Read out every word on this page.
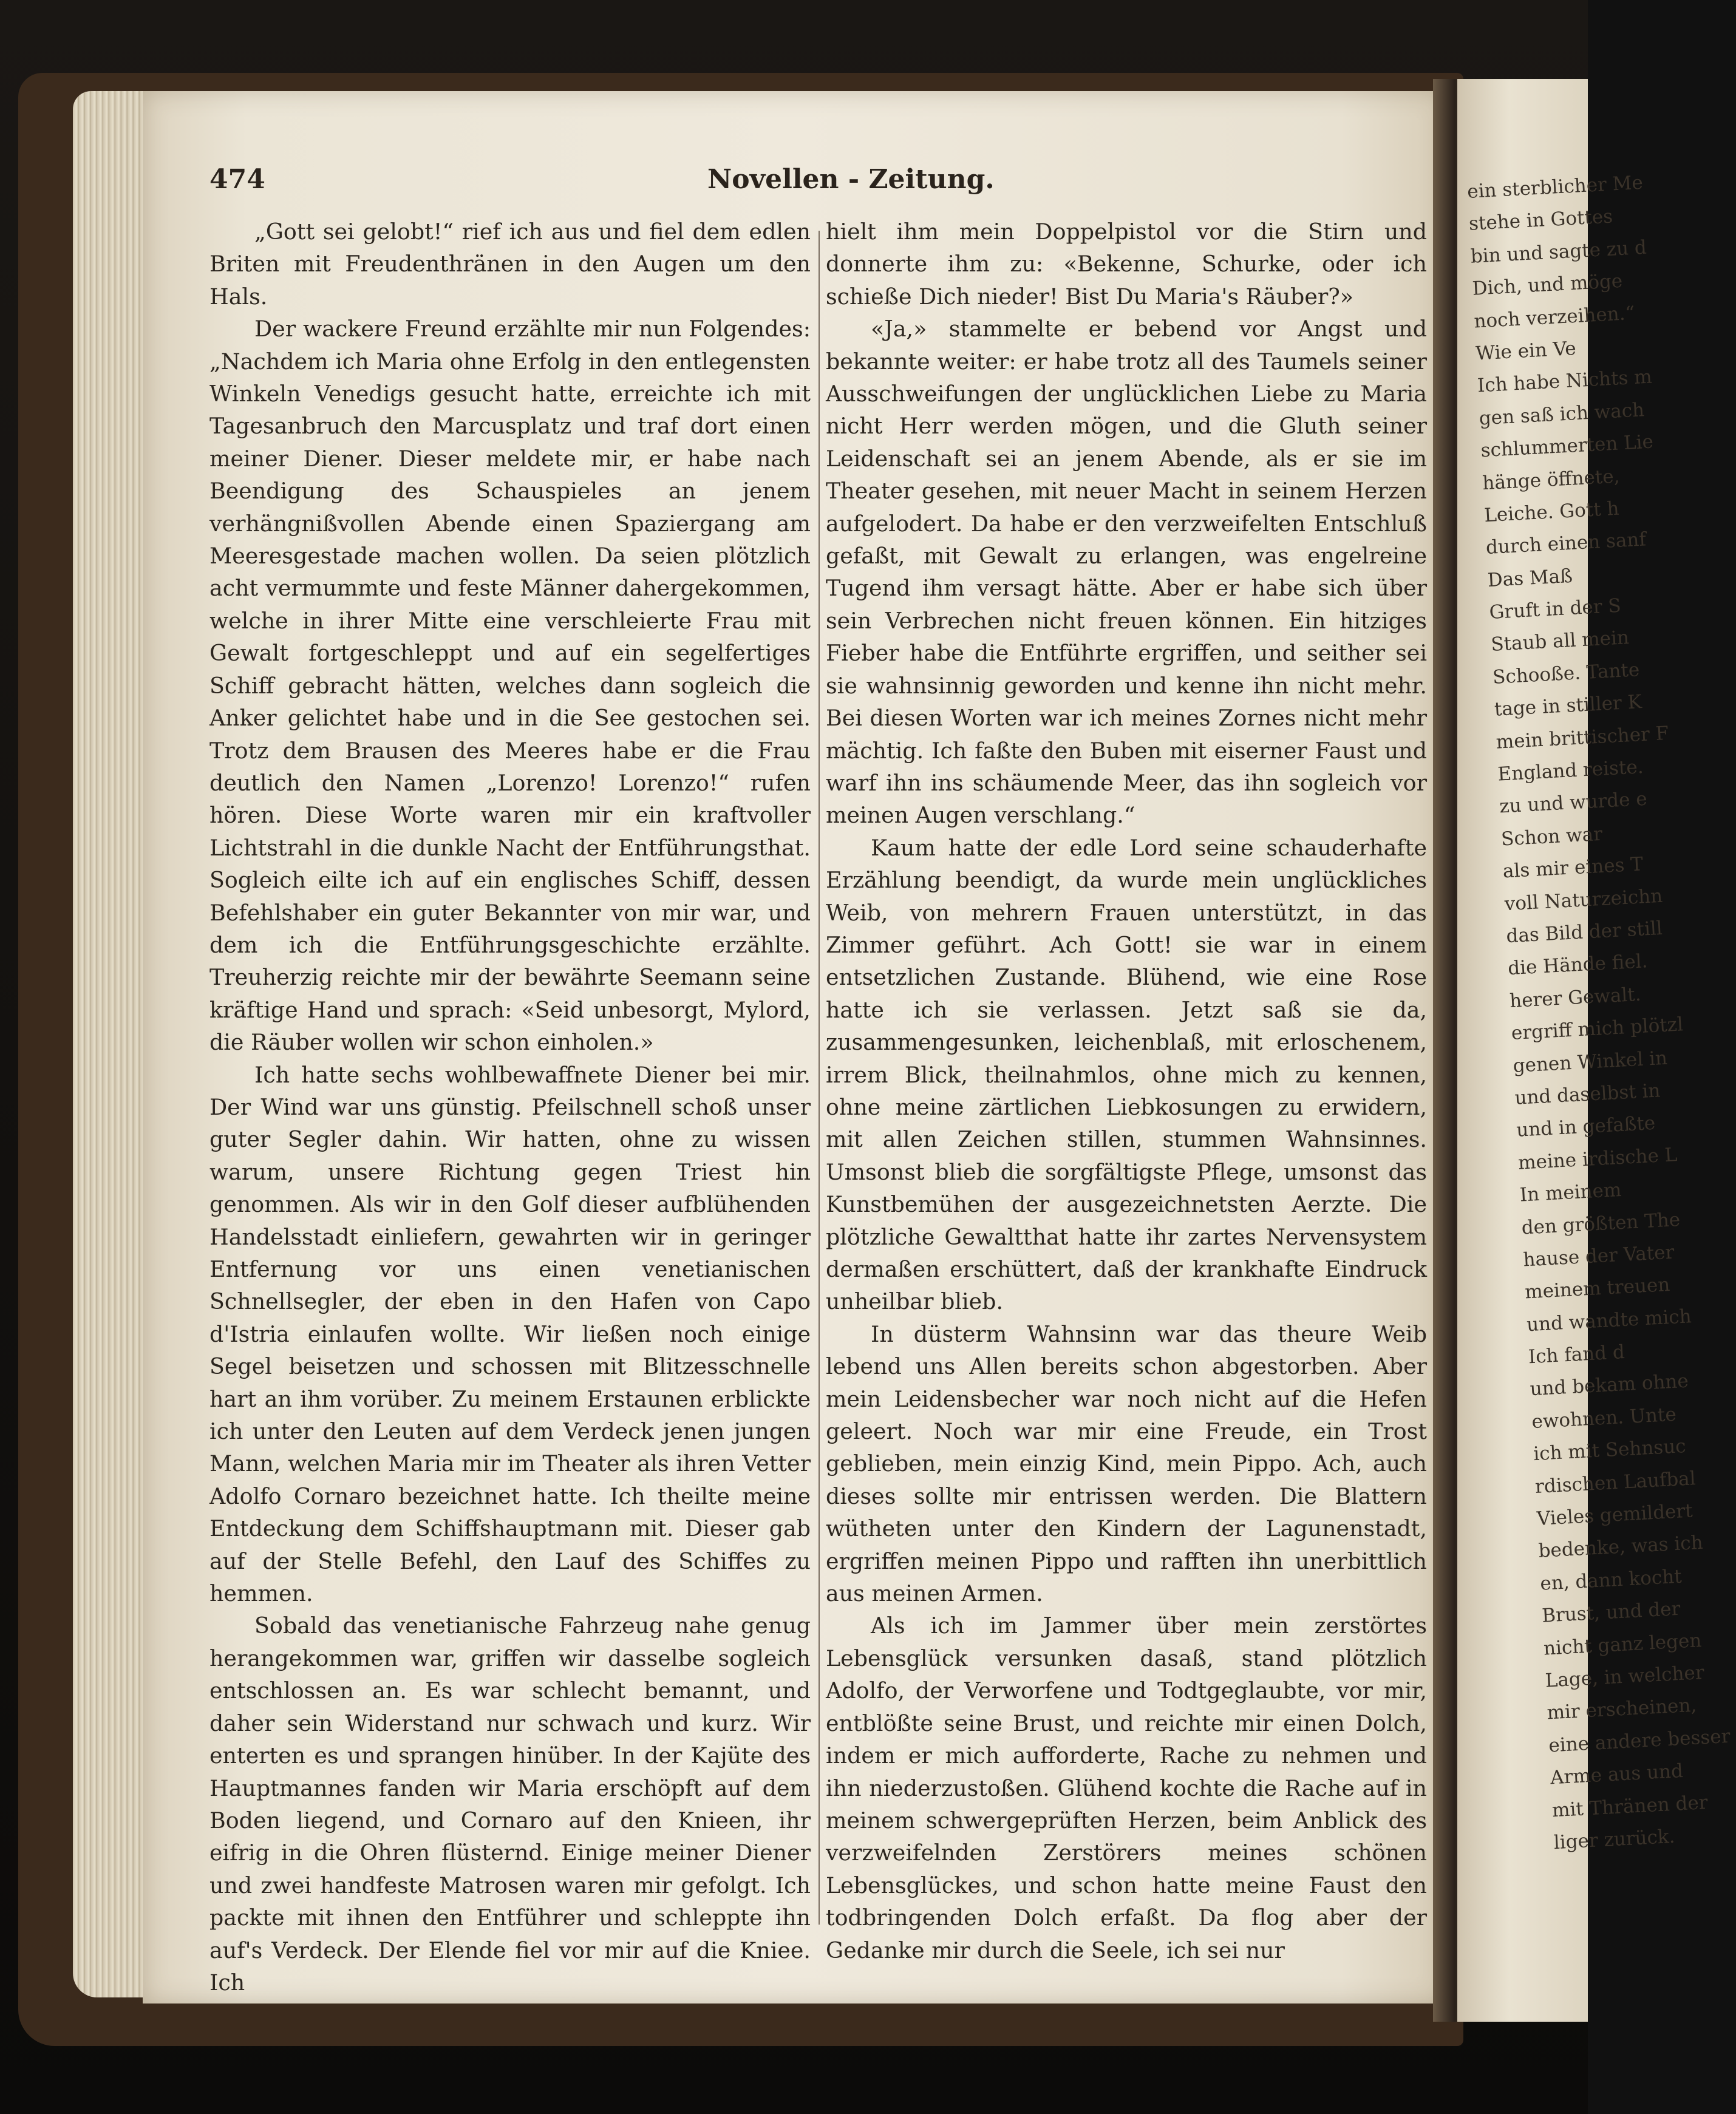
474	Novellen - Zeitung.

„Gott sei gelobt!“ rief ich aus und fiel dem edlen Briten mit Freudenthränen in den Augen um den Hals.

Der wackere Freund erzählte mir nun Folgendes: „Nachdem ich Maria ohne Erfolg in den entlegensten Winkeln Venedigs gesucht hatte, erreichte ich mit Tagesanbruch den Marcusplatz und traf dort einen meiner Diener. Dieser meldete mir, er habe nach Beendigung des Schauspieles an jenem verhängnißvollen Abende einen Spaziergang am Meeresgestade machen wollen. Da seien plötzlich acht vermummte und feste Männer dahergekommen, welche in ihrer Mitte eine verschleierte Frau mit Gewalt fortgeschleppt und auf ein segelfertiges Schiff gebracht hätten, welches dann sogleich die Anker gelichtet habe und in die See gestochen sei. Trotz dem Brausen des Meeres habe er die Frau deutlich den Namen „Lorenzo! Lorenzo!“ rufen hören. Diese Worte waren mir ein kraftvoller Lichtstrahl in die dunkle Nacht der Entführungsthat. Sogleich eilte ich auf ein englisches Schiff, dessen Befehlshaber ein guter Bekannter von mir war, und dem ich die Entführungsgeschichte erzählte. Treuherzig reichte mir der bewährte Seemann seine kräftige Hand und sprach: «Seid unbesorgt, Mylord, die Räuber wollen wir schon einholen.»

Ich hatte sechs wohlbewaffnete Diener bei mir. Der Wind war uns günstig. Pfeilschnell schoß unser guter Segler dahin. Wir hatten, ohne zu wissen warum, unsere Richtung gegen Triest hin genommen. Als wir in den Golf dieser aufblühenden Handelsstadt einliefern, gewahrten wir in geringer Entfernung vor uns einen venetianischen Schnellsegler, der eben in den Hafen von Capo d'Istria einlaufen wollte. Wir ließen noch einige Segel beisetzen und schossen mit Blitzesschnelle hart an ihm vorüber. Zu meinem Erstaunen erblickte ich unter den Leuten auf dem Verdeck jenen jungen Mann, welchen Maria mir im Theater als ihren Vetter Adolfo Cornaro bezeichnet hatte. Ich theilte meine Entdeckung dem Schiffshauptmann mit. Dieser gab auf der Stelle Befehl, den Lauf des Schiffes zu hemmen.

Sobald das venetianische Fahrzeug nahe genug herangekommen war, griffen wir dasselbe sogleich entschlossen an. Es war schlecht bemannt, und daher sein Widerstand nur schwach und kurz. Wir enterten es und sprangen hinüber. In der Kajüte des Hauptmannes fanden wir Maria erschöpft auf dem Boden liegend, und Cornaro auf den Knieen, ihr eifrig in die Ohren flüsternd. Einige meiner Diener und zwei handfeste Matrosen waren mir gefolgt. Ich packte mit ihnen den Entführer und schleppte ihn auf's Verdeck. Der Elende fiel vor mir auf die Kniee. Ich

hielt ihm mein Doppelpistol vor die Stirn und donnerte ihm zu: «Bekenne, Schurke, oder ich schieße Dich nieder! Bist Du Maria's Räuber?»

«Ja,» stammelte er bebend vor Angst und bekannte weiter: er habe trotz all des Taumels seiner Ausschweifungen der unglücklichen Liebe zu Maria nicht Herr werden mögen, und die Gluth seiner Leidenschaft sei an jenem Abende, als er sie im Theater gesehen, mit neuer Macht in seinem Herzen aufgelodert. Da habe er den verzweifelten Entschluß gefaßt, mit Gewalt zu erlangen, was engelreine Tugend ihm versagt hätte. Aber er habe sich über sein Verbrechen nicht freuen können. Ein hitziges Fieber habe die Entführte ergriffen, und seither sei sie wahnsinnig geworden und kenne ihn nicht mehr. Bei diesen Worten war ich meines Zornes nicht mehr mächtig. Ich faßte den Buben mit eiserner Faust und warf ihn ins schäumende Meer, das ihn sogleich vor meinen Augen verschlang.“

Kaum hatte der edle Lord seine schauderhafte Erzählung beendigt, da wurde mein unglückliches Weib, von mehrern Frauen unterstützt, in das Zimmer geführt. Ach Gott! sie war in einem entsetzlichen Zustande. Blühend, wie eine Rose hatte ich sie verlassen. Jetzt saß sie da, zusammengesunken, leichenblaß, mit erloschenem, irrem Blick, theilnahmlos, ohne mich zu kennen, ohne meine zärtlichen Liebkosungen zu erwidern, mit allen Zeichen stillen, stummen Wahnsinnes. Umsonst blieb die sorgfältigste Pflege, umsonst das Kunstbemühen der ausgezeichnetsten Aerzte. Die plötzliche Gewaltthat hatte ihr zartes Nervensystem dermaßen erschüttert, daß der krankhafte Eindruck unheilbar blieb.

In düsterm Wahnsinn war das theure Weib lebend uns Allen bereits schon abgestorben. Aber mein Leidensbecher war noch nicht auf die Hefen geleert. Noch war mir eine Freude, ein Trost geblieben, mein einzig Kind, mein Pippo. Ach, auch dieses sollte mir entrissen werden. Die Blattern wütheten unter den Kindern der Lagunenstadt, ergriffen meinen Pippo und rafften ihn unerbittlich aus meinen Armen.

Als ich im Jammer über mein zerstörtes Lebensglück versunken dasaß, stand plötzlich Adolfo, der Verworfene und Todtgeglaubte, vor mir, entblößte seine Brust, und reichte mir einen Dolch, indem er mich aufforderte, Rache zu nehmen und ihn niederzustoßen. Glühend kochte die Rache auf in meinem schwergeprüften Herzen, beim Anblick des verzweifelnden Zerstörers meines schönen Lebensglückes, und schon hatte meine Faust den todbringenden Dolch erfaßt. Da flog aber der Gedanke mir durch die Seele, ich sei nur

ein sterblicher Me
stehe in Gottes
bin und sagte zu d
Dich, und möge
noch verzeihen.“
Wie ein Ve
Ich habe Nichts m
gen saß ich wach
schlummerten Lie
hänge öffnete,
Leiche. Gott h
durch einen sanf
Das Maß
Gruft in der S
Staub all mein
Schooße. Tante
tage in stiller K
mein brittischer F
England reiste.
zu und wurde e
Schon war
als mir eines T
voll Naturzeichn
das Bild der still
die Hände fiel.
herer Gewalt.
ergriff mich plötzl
genen Winkel in
und daselbst in
und in gefaßte
meine irdische L
In meinem
den größten The
hause der Vater
meinem treuen
und wandte mich
Ich fand d
und bekam ohne
ewohnen. Unte
ich mit Sehnsuc
rdischen Laufbal
Vieles gemildert
bedenke, was ich
en, dann kocht
Brust, und der
nicht ganz legen
Lage, in welcher
mir erscheinen,
eine andere besser
Arme aus und
mit Thränen der
liger zurück.
